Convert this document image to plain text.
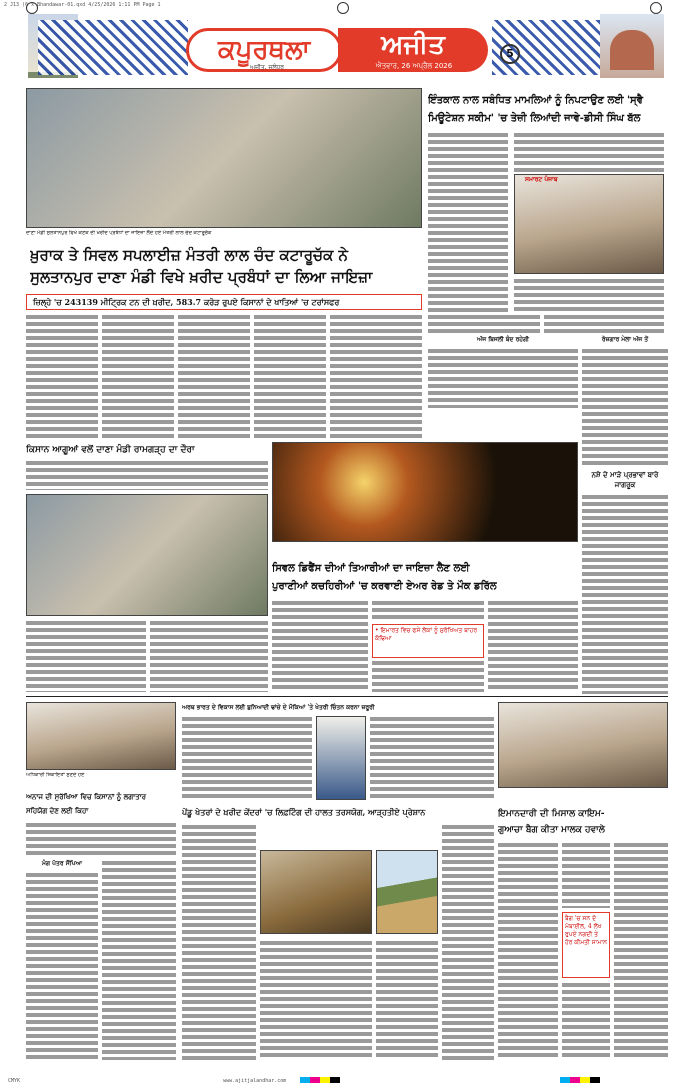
2 J13 (6 x Bhandawar-01.qxd 4/25/2026 1:11 PM Page 1
ਕਪੂਰਥਲਾ	ਅਜੀਤ
ਐਤਵਾਰ, 26 ਅਪ੍ਰੈਲ 2026
ਅਜੀਤ, ਜਲੰਧਰ
5
ਦਾਣਾ ਮੰਡੀ ਸੁਲਤਾਨਪੁਰ ਵਿਖੇ ਕਣਕ ਦੀ ਖ਼ਰੀਦ ਪ੍ਰਬੰਧਾਂ ਦਾ ਜਾਇਜ਼ਾ ਲੈਂਦੇ ਹੋਏ ਮੰਤਰੀ ਲਾਲ ਚੰਦ ਕਟਾਰੂਚੱਕ
ਖ਼ੁਰਾਕ ਤੇ ਸਿਵਲ ਸਪਲਾਈਜ਼ ਮੰਤਰੀ ਲਾਲ ਚੰਦ ਕਟਾਰੂਚੱਕ ਨੇ
ਸੁਲਤਾਨਪੁਰ ਦਾਣਾ ਮੰਡੀ ਵਿਖੇ ਖ਼ਰੀਦ ਪ੍ਰਬੰਧਾਂ ਦਾ ਲਿਆ ਜਾਇਜ਼ਾ
ਜ਼ਿਲ੍ਹੇ 'ਚ 243139 ਮੀਟ੍ਰਿਕ ਟਨ ਦੀ ਖ਼ਰੀਦ, 583.7 ਕਰੋੜ ਰੁਪਏ ਕਿਸਾਨਾਂ ਦੇ ਖਾਤਿਆਂ 'ਚ ਟਰਾਂਸਫਰ
ਇੰਤਕਾਲ ਨਾਲ ਸਬੰਧਿਤ ਮਾਮਲਿਆਂ ਨੂੰ ਨਿਪਟਾਉਣ ਲਈ 'ਸ੍ਵੈ
ਮਿਊਟੇਸ਼ਨ ਸਕੀਮ' 'ਚ ਤੇਜ਼ੀ ਲਿਆਂਦੀ ਜਾਵੇ-ਡੀਸੀ ਸਿੰਘ ਬੱਲ
ਸਮਾਰਟ ਪੰਜਾਬ
ਅੱਜ ਬਿਜਲੀ ਬੰਦ ਰਹੇਗੀ	ਰੋਜ਼ਗਾਰ ਮੇਲਾ ਅੱਜ ਤੋਂ
ਨਸ਼ੇ ਦੇ ਮਾੜੇ ਪ੍ਰਭਾਵਾਂ ਬਾਰੇ ਜਾਗਰੂਕ
ਕਿਸਾਨ ਆਗੂਆਂ ਵਲੋਂ ਦਾਣਾ ਮੰਡੀ ਰਾਮਗੜ੍ਹ ਦਾ ਦੌਰਾ
ਸਿਵਲ ਡਿਫੈਂਸ ਦੀਆਂ ਤਿਆਰੀਆਂ ਦਾ ਜਾਇਜ਼ਾ ਲੈਣ ਲਈ
ਪੁਰਾਣੀਆਂ ਕਚਹਿਰੀਆਂ 'ਚ ਕਰਵਾਈ ਏਅਰ ਰੇਡ ਤੇ ਮੌਕ ਡਰਿੱਲ
• ਇਮਾਰਤ ਵਿਚ ਫਸੇ ਲੋਕਾਂ ਨੂੰ ਸੁਰੱਖਿਅਤ ਬਾਹਰ ਕੱਢਿਆ
ਅਧਿਕਾਰੀ ਸ਼ਿਕਾਇਤਾਂ ਸੁਣਦੇ ਹੋਏ
ਅਨਾਜ ਦੀ ਸੁਰੱਖਿਆ ਵਿਚ ਕਿਸਾਨਾਂ ਨੂੰ ਲਗਾਤਾਰ
ਸਹਿਯੋਗ ਦੇਣ ਲਈ ਕਿਹਾ
ਮੰਗ ਪੱਤਰ ਸੌਂਪਿਆ
ਅਰਥ ਭਾਰਤ ਦੇ ਵਿਕਾਸ ਲਈ ਬੁਨਿਆਦੀ ਢਾਂਚੇ ਦੇ ਮੌਕਿਆਂ 'ਤੇ ਖੇਤਰੀ ਚਿੰਤਨ ਕਰਨਾ ਜ਼ਰੂਰੀ
ਪੇਂਡੂ ਖੇਤਰਾਂ ਦੇ ਖ਼ਰੀਦ ਕੇਂਦਰਾਂ 'ਚ ਲਿਫ਼ਟਿੰਗ ਦੀ ਹਾਲਤ ਤਰਸਯੋਗ, ਆੜ੍ਹਤੀਏ ਪ੍ਰੇਸ਼ਾਨ	ਇਮਾਨਦਾਰੀ ਦੀ ਮਿਸਾਲ ਕਾਇਮ-
ਗੁਆਚਾ ਬੈਗ ਕੀਤਾ ਮਾਲਕ ਹਵਾਲੇ
ਬੈਗ 'ਚ ਸਨ ਦੋ ਮੋਬਾਈਲ, 4 ਲੱਖ ਰੁਪਏ ਨਗਦੀ ਤੇ ਹੋਰ ਕੀਮਤੀ ਸਾਮਾਨ
CMYK	www.ajitjalandhar.com
